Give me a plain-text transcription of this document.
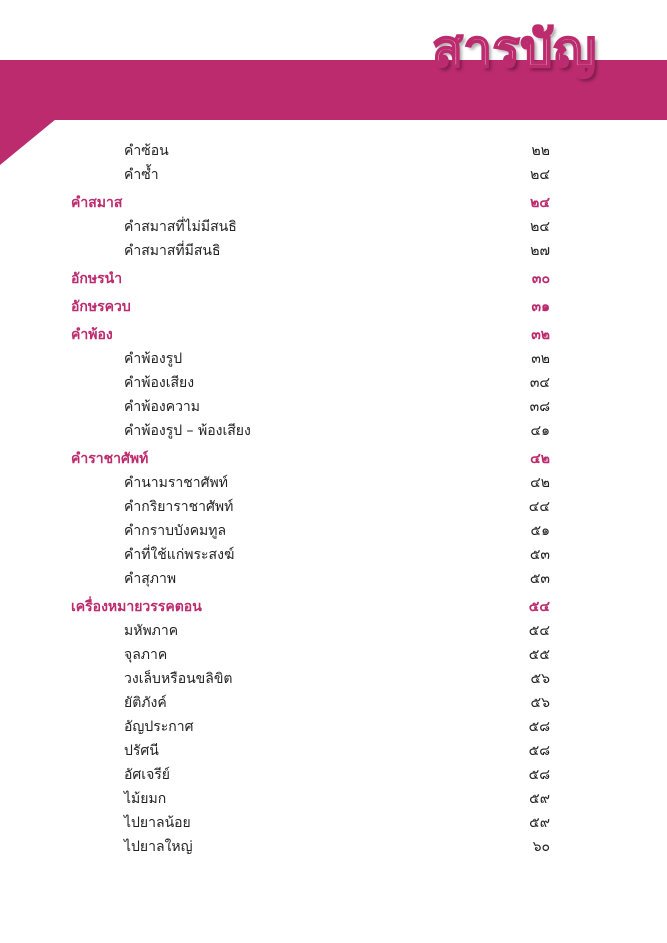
สารบัญ
คำซ้อน	๒๒
คำซ้ำ	๒๔
คำสมาส	๒๔
คำสมาสที่ไม่มีสนธิ	๒๔
คำสมาสที่มีสนธิ	๒๗
อักษรนำ	๓๐
อักษรควบ	๓๑
คำพ้อง	๓๒
คำพ้องรูป	๓๒
คำพ้องเสียง	๓๔
คำพ้องความ	๓๘
คำพ้องรูป – พ้องเสียง	๔๑
คำราชาศัพท์	๔๒
คำนามราชาศัพท์	๔๒
คำกริยาราชาศัพท์	๔๔
คำกราบบังคมทูล	๕๑
คำที่ใช้แก่พระสงฆ์	๕๓
คำสุภาพ	๕๓
เครื่องหมายวรรคตอน	๕๔
มหัพภาค	๕๔
จุลภาค	๕๕
วงเล็บหรือนขลิขิต	๕๖
ยัติภังค์	๕๖
อัญประกาศ	๕๘
ปรัศนี	๕๘
อัศเจรีย์	๕๘
ไม้ยมก	๕๙
ไปยาลน้อย	๕๙
ไปยาลใหญ่	๖๐
